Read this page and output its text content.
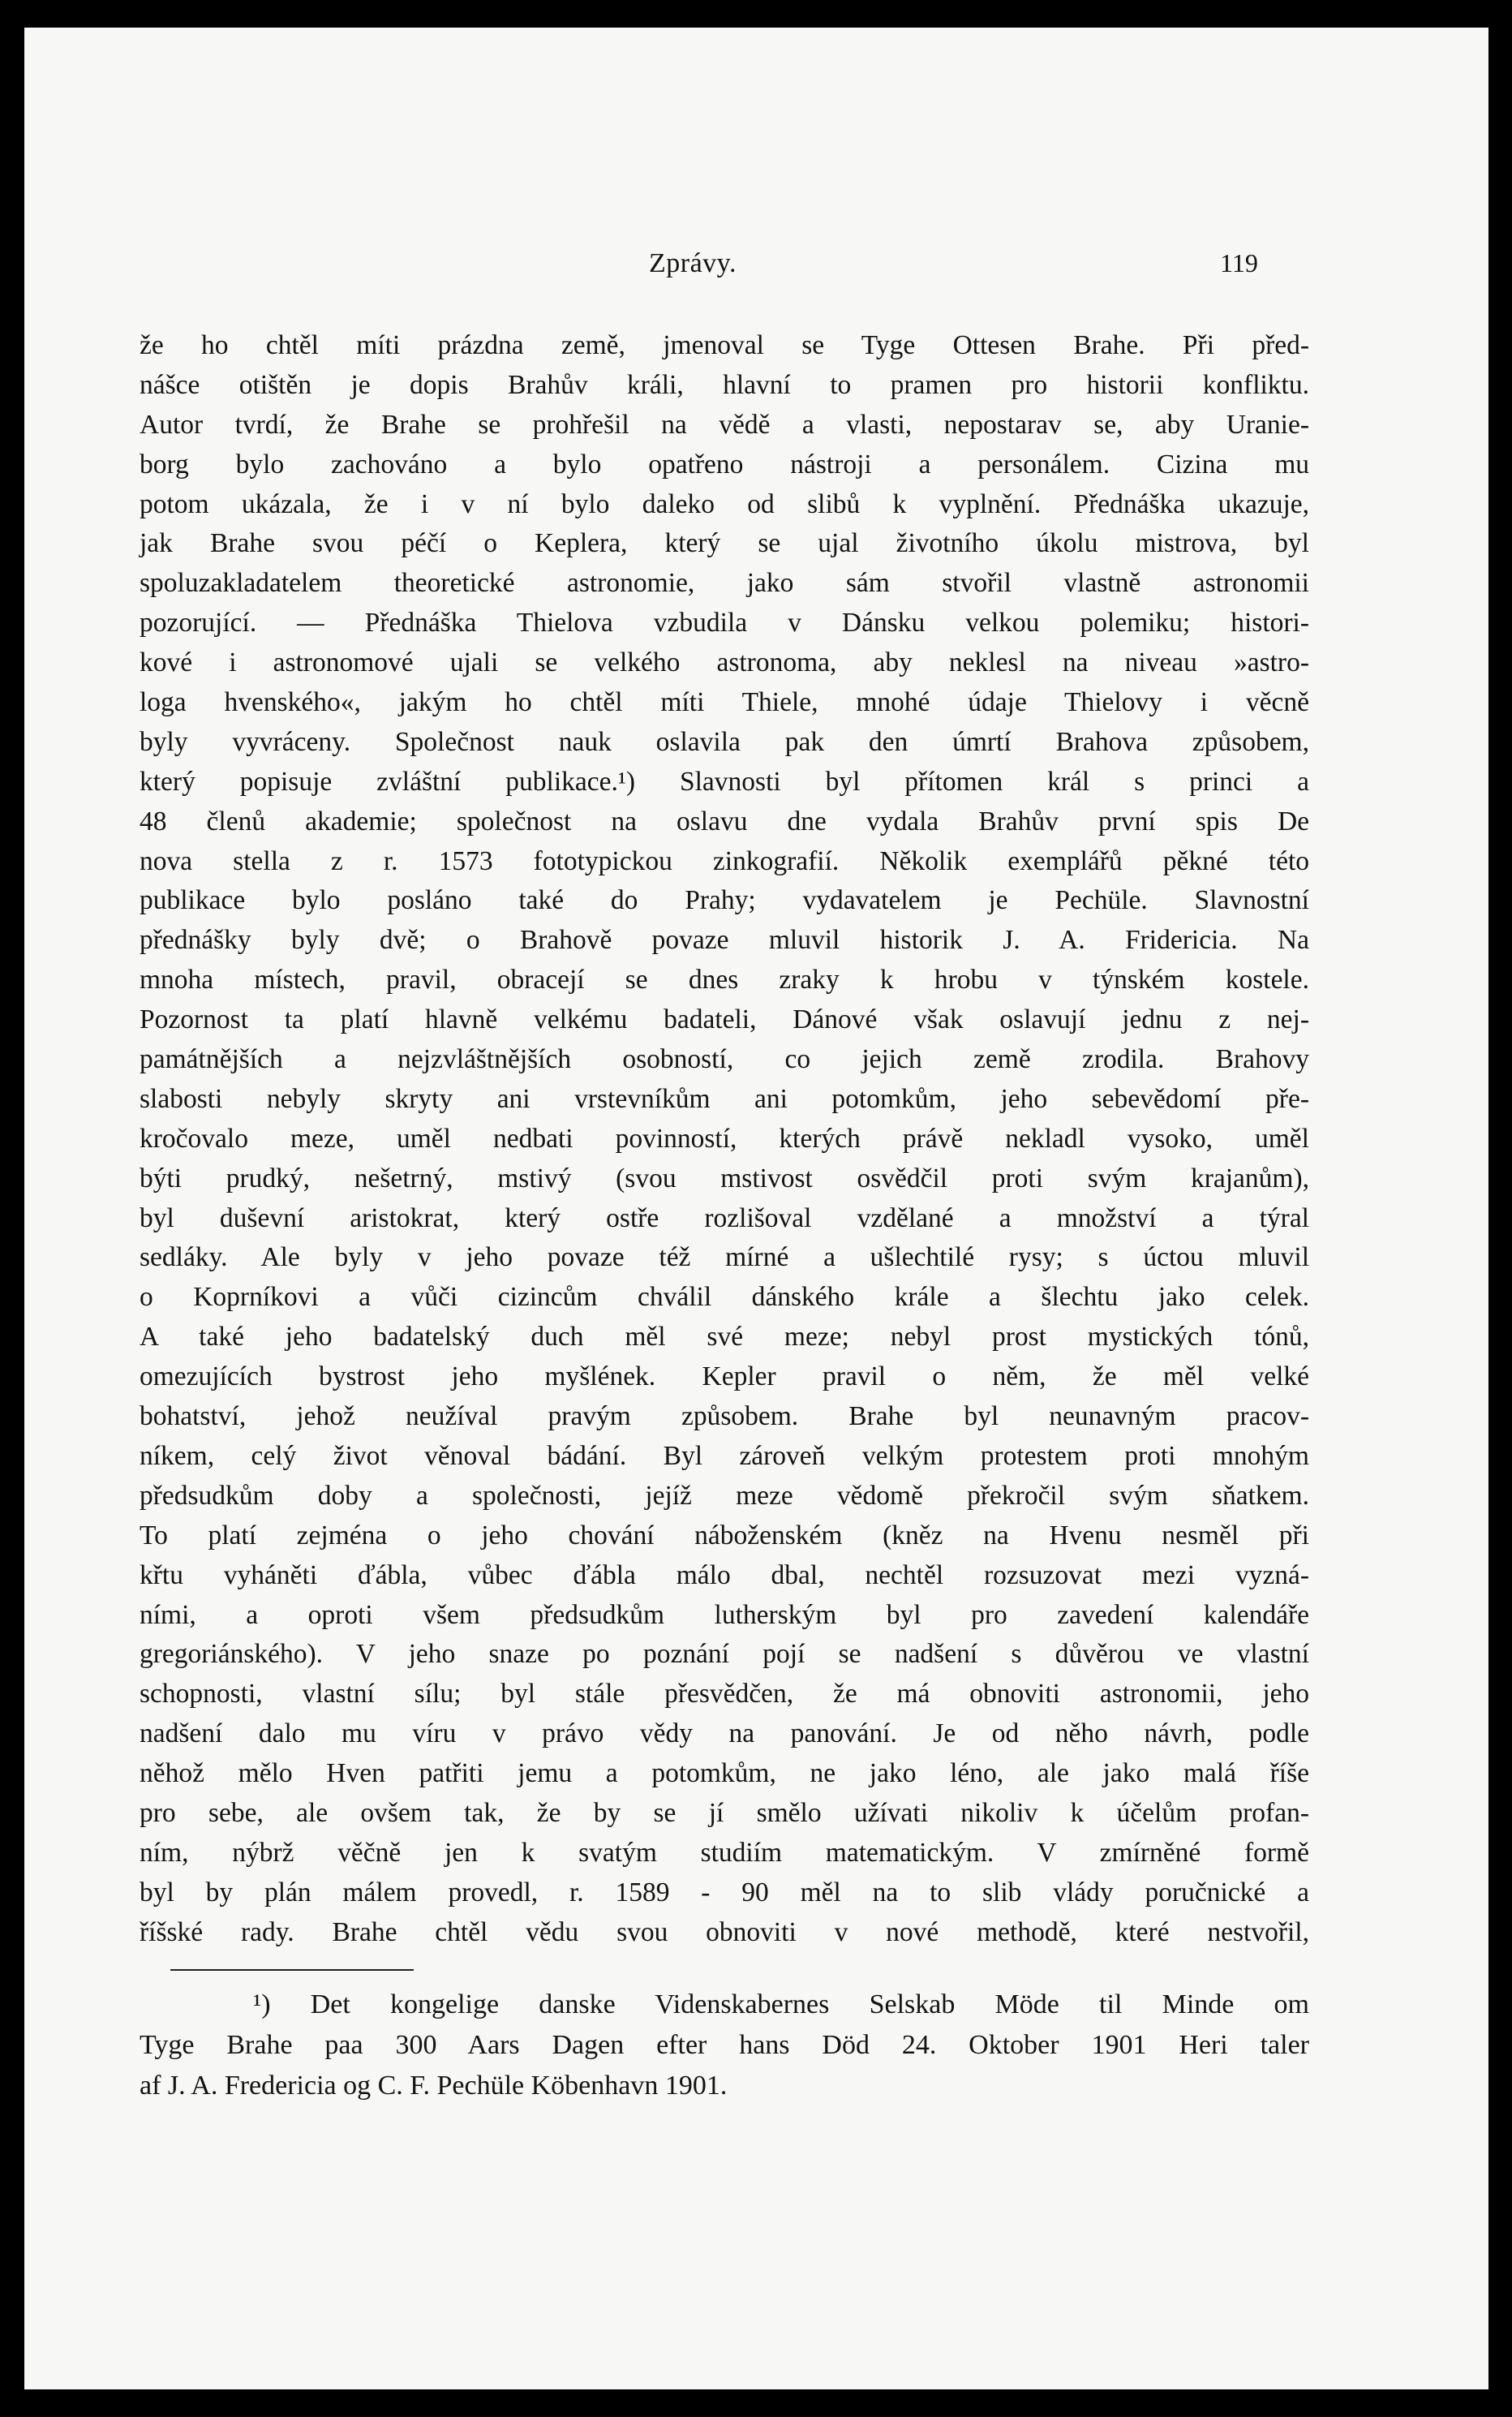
Zprávy.	119
že ho chtěl míti prázdna země, jmenoval se Tyge Ottesen Brahe. Při před-
nášce otištěn je dopis Brahův králi, hlavní to pramen pro historii konfliktu.
Autor tvrdí, že Brahe se prohřešil na vědě a vlasti, nepostarav se, aby Uranie-
borg bylo zachováno a bylo opatřeno nástroji a personálem. Cizina mu
potom ukázala, že i v ní bylo daleko od slibů k vyplnění. Přednáška ukazuje,
jak Brahe svou péčí o Keplera, který se ujal životního úkolu mistrova, byl
spoluzakladatelem theoretické astronomie, jako sám stvořil vlastně astronomii
pozorující. — Přednáška Thielova vzbudila v Dánsku velkou polemiku; histori-
kové i astronomové ujali se velkého astronoma, aby neklesl na niveau »astro-
loga hvenského«, jakým ho chtěl míti Thiele, mnohé údaje Thielovy i věcně
byly vyvráceny. Společnost nauk oslavila pak den úmrtí Brahova způsobem,
který popisuje zvláštní publikace.¹) Slavnosti byl přítomen král s princi a
48 členů akademie; společnost na oslavu dne vydala Brahův první spis De
nova stella z r. 1573 fototypickou zinkografií. Několik exemplářů pěkné této
publikace bylo posláno také do Prahy; vydavatelem je Pechüle. Slavnostní
přednášky byly dvě; o Brahově povaze mluvil historik J. A. Fridericia. Na
mnoha místech, pravil, obracejí se dnes zraky k hrobu v týnském kostele.
Pozornost ta platí hlavně velkému badateli, Dánové však oslavují jednu z nej-
památnějších a nejzvláštnějších osobností, co jejich země zrodila. Brahovy
slabosti nebyly skryty ani vrstevníkům ani potomkům, jeho sebevědomí pře-
kročovalo meze, uměl nedbati povinností, kterých právě nekladl vysoko, uměl
býti prudký, nešetrný, mstivý (svou mstivost osvědčil proti svým krajanům),
byl duševní aristokrat, který ostře rozlišoval vzdělané a množství a týral
sedláky. Ale byly v jeho povaze též mírné a ušlechtilé rysy; s úctou mluvil
o Koprníkovi a vůči cizincům chválil dánského krále a šlechtu jako celek.
A také jeho badatelský duch měl své meze; nebyl prost mystických tónů,
omezujících bystrost jeho myšlének. Kepler pravil o něm, že měl velké
bohatství, jehož neužíval pravým způsobem. Brahe byl neunavným pracov-
níkem, celý život věnoval bádání. Byl zároveň velkým protestem proti mnohým
předsudkům doby a společnosti, jejíž meze vědomě překročil svým sňatkem.
To platí zejména o jeho chování náboženském (kněz na Hvenu nesměl při
křtu vyháněti ďábla, vůbec ďábla málo dbal, nechtěl rozsuzovat mezi vyzná-
ními, a oproti všem předsudkům lutherským byl pro zavedení kalendáře
gregoriánského). V jeho snaze po poznání pojí se nadšení s důvěrou ve vlastní
schopnosti, vlastní sílu; byl stále přesvědčen, že má obnoviti astronomii, jeho
nadšení dalo mu víru v právo vědy na panování. Je od něho návrh, podle
něhož mělo Hven patřiti jemu a potomkům, ne jako léno, ale jako malá říše
pro sebe, ale ovšem tak, že by se jí smělo užívati nikoliv k účelům profan-
ním, nýbrž věčně jen k svatým studiím matematickým. V zmírněné formě
byl by plán málem provedl, r. 1589 - 90 měl na to slib vlády poručnické a
říšské rady. Brahe chtěl vědu svou obnoviti v nové methodě, které nestvořil,
¹) Det kongelige danske Videnskabernes Selskab Möde til Minde om
Tyge Brahe paa 300 Aars Dagen efter hans Död 24. Oktober 1901 Heri taler
af J. A. Fredericia og C. F. Pechüle Köbenhavn 1901.
